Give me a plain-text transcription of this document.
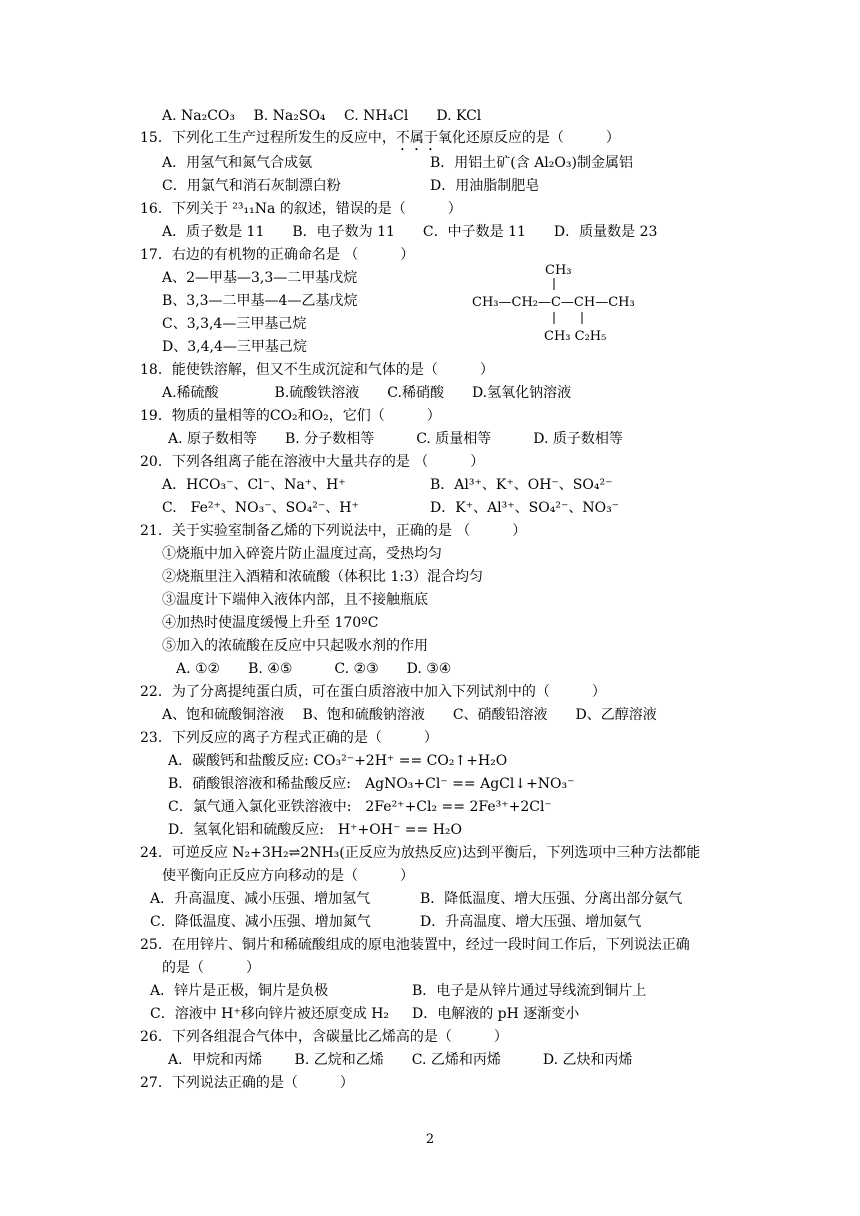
A. Na₂CO₃　 B. Na₂SO₄　 C. NH₄Cl　　D. KCl
15．下列化工生产过程所发生的反应中，不属于氧化还原反应的是（　　　）
A．用氢气和氮气合成氨	B．用铝土矿(含 Al₂O₃)制金属铝
C．用氯气和消石灰制漂白粉	D．用油脂制肥皂
16．下列关于 ²³₁₁Na 的叙述，错误的是（　　　）
A．质子数是 11　　B．电子数为 11　　C．中子数是 11　　D．质量数是 23
17．右边的有机物的正确命名是 （　　　）
A、2—甲基—3,3—二甲基戊烷
B、3,3—二甲基—4—乙基戊烷
C、3,3,4—三甲基己烷
D、3,4,4—三甲基己烷
CH₃
CH₃—CH₂—C—CH—CH₃
CH₃ C₂H₅
18．能使铁溶解，但又不生成沉淀和气体的是（　　　）
A.稀硫酸　　　　B.硫酸铁溶液　　C.稀硝酸　　D.氢氧化钠溶液
19．物质的量相等的CO₂和O₂，它们（　　　）
A. 原子数相等　　B. 分子数相等　　　C. 质量相等　　　D. 质子数相等
20．下列各组离子能在溶液中大量共存的是 （　　　）
A．HCO₃⁻、Cl⁻、Na⁺、H⁺	B．Al³⁺、K⁺、OH⁻、SO₄²⁻
C.　Fe²⁺、NO₃⁻、SO₄²⁻、H⁺	D．K⁺、Al³⁺、SO₄²⁻、NO₃⁻
21．关于实验室制备乙烯的下列说法中，正确的是 （　　　）
①烧瓶中加入碎瓷片防止温度过高，受热均匀
②烧瓶里注入酒精和浓硫酸（体积比 1:3）混合均匀
③温度计下端伸入液体内部，且不接触瓶底
④加热时使温度缓慢上升至 170ºC
⑤加入的浓硫酸在反应中只起吸水剂的作用
A. ①②　　B. ④⑤　　　C. ②③　　D. ③④
22．为了分离提纯蛋白质，可在蛋白质溶液中加入下列试剂中的（　　　）
A、饱和硫酸铜溶液　 B、饱和硫酸钠溶液　　C、硝酸铅溶液　　D、乙醇溶液
23．下列反应的离子方程式正确的是（　　　）
A．碳酸钙和盐酸反应: CO₃²⁻+2H⁺ == CO₂↑+H₂O
B．硝酸银溶液和稀盐酸反应:　AgNO₃+Cl⁻ == AgCl↓+NO₃⁻
C．氯气通入氯化亚铁溶液中:　2Fe²⁺+Cl₂ == 2Fe³⁺+2Cl⁻
D．氢氧化铝和硫酸反应:　H⁺+OH⁻ == H₂O
24．可逆反应 N₂+3H₂⇌2NH₃(正反应为放热反应)达到平衡后，下列选项中三种方法都能
使平衡向正反应方向移动的是（　　　）
A．升高温度、减小压强、增加氢气	B．降低温度、增大压强、分离出部分氨气
C．降低温度、减小压强、增加氮气	D．升高温度、增大压强、增加氨气
25．在用锌片、铜片和稀硫酸组成的原电池装置中，经过一段时间工作后，下列说法正确
的是（　　　）
A．锌片是正极，铜片是负极	B．电子是从锌片通过导线流到铜片上
C．溶液中 H⁺移向锌片被还原变成 H₂ D．电解液的 pH 逐渐变小
26．下列各组混合气体中，含碳量比乙烯高的是（　　　）
A．甲烷和丙烯　　 B. 乙烷和乙烯　　C. 乙烯和丙烯　　　D. 乙炔和丙烯
27．下列说法正确的是（　　　）
2
